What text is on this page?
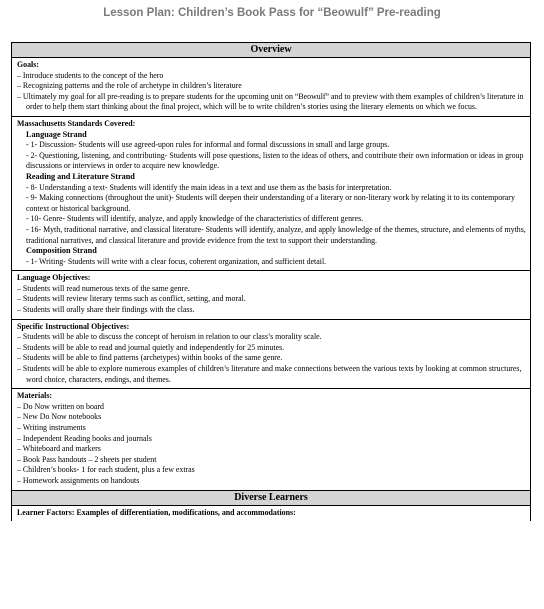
Lesson Plan: Children’s Book Pass for “Beowulf” Pre-reading
Overview
Goals:
– Introduce students to the concept of the hero
– Recognizing patterns and the role of archetype in children’s literature
– Ultimately my goal for all pre-reading is to prepare students for the upcoming unit on “Beowulf” and to preview with them examples of children’s literature in order to help them start thinking about the final project, which will be to write children’s stories using the literary elements on which we focus.
Massachusetts Standards Covered:
Language Strand
- 1- Discussion- Students will use agreed-upon rules for informal and formal discussions in small and large groups.
- 2- Questioning, listening, and contributing- Students will pose questions, listen to the ideas of others, and contribute their own information or ideas in group discussions or interviews in order to acquire new knowledge.
Reading and Literature Strand
- 8- Understanding a text- Students will identify the main ideas in a text and use them as the basis for interpretation.
- 9- Making connections (throughout the unit)- Students will deepen their understanding of a literary or non-literary work by relating it to its contemporary context or historical background.
- 10- Genre- Students will identify, analyze, and apply knowledge of the characteristics of different genres.
- 16- Myth, traditional narrative, and classical literature- Students will identify, analyze, and apply knowledge of the themes, structure, and elements of myths, traditional narratives, and classical literature and provide evidence from the text to support their understanding.
Composition Strand
- 1- Writing- Students will write with a clear focus, coherent organization, and sufficient detail.
Language Objectives:
– Students will read numerous texts of the same genre.
– Students will review literary terms such as conflict, setting, and moral.
– Students will orally share their findings with the class.
Specific Instructional Objectives:
– Students will be able to discuss the concept of heroism in relation to our class’s morality scale.
– Students will be able to read and journal quietly and independently for 25 minutes.
– Students will be able to find patterns (archetypes) within books of the same genre.
– Students will be able to explore numerous examples of children’s literature and make connections between the various texts by looking at common structures, word choice, characters, endings, and themes.
Materials:
– Do Now written on board
– New Do Now notebooks
– Writing instruments
– Independent Reading books and journals
– Whiteboard and markers
– Book Pass handouts – 2 sheets per student
– Children’s books- 1 for each student, plus a few extras
– Homework assignments on handouts
Diverse Learners
Learner Factors: Examples of differentiation, modifications, and accommodations:
